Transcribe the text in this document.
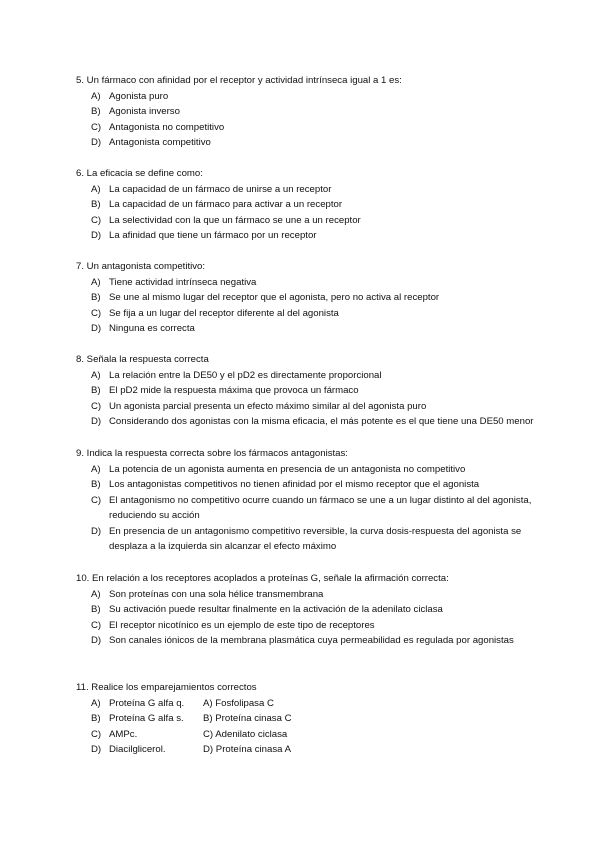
5. Un fármaco con afinidad por el receptor y actividad intrínseca igual a 1 es:
A) Agonista puro
B) Agonista inverso
C) Antagonista no competitivo
D) Antagonista competitivo
6. La eficacia se define como:
A) La capacidad de un fármaco de unirse a un receptor
B) La capacidad de un fármaco para activar a un receptor
C) La selectividad con la que un fármaco se une a un receptor
D) La afinidad que tiene un fármaco por un receptor
7. Un antagonista competitivo:
A) Tiene actividad intrínseca negativa
B) Se une al mismo lugar del receptor que el agonista, pero no activa al receptor
C) Se fija a un lugar del receptor diferente al del agonista
D) Ninguna es correcta
8. Señala la respuesta correcta
A) La relación entre la DE50 y el pD2 es directamente proporcional
B) El pD2 mide la respuesta máxima que provoca un fármaco
C) Un agonista parcial presenta un efecto máximo similar al del agonista puro
D) Considerando dos agonistas con la misma eficacia, el más potente es el que tiene una DE50 menor
9. Indica la respuesta correcta sobre los fármacos antagonistas:
A) La potencia de un agonista aumenta en presencia de un antagonista no competitivo
B) Los antagonistas competitivos no tienen afinidad por el mismo receptor que el agonista
C) El antagonismo no competitivo ocurre cuando un fármaco se une a un lugar distinto al del agonista, reduciendo su acción
D) En presencia de un antagonismo competitivo reversible, la curva dosis-respuesta del agonista se desplaza a la izquierda sin alcanzar el efecto máximo
10. En relación a los receptores acoplados a proteínas G, señale la afirmación correcta:
A) Son proteínas con una sola hélice transmembrana
B) Su activación puede resultar finalmente en la activación de la adenilato ciclasa
C) El receptor nicotínico es un ejemplo de este tipo de receptores
D) Son canales iónicos de la membrana plasmática cuya permeabilidad es regulada por agonistas
11. Realice los emparejamientos correctos
A) Proteína G alfa q.	A) Fosfolipasa C
B) Proteína G alfa s.	B) Proteína cinasa C
C) AMPc.	C) Adenilato ciclasa
D) Diacilglicerol.	D) Proteína cinasa A
